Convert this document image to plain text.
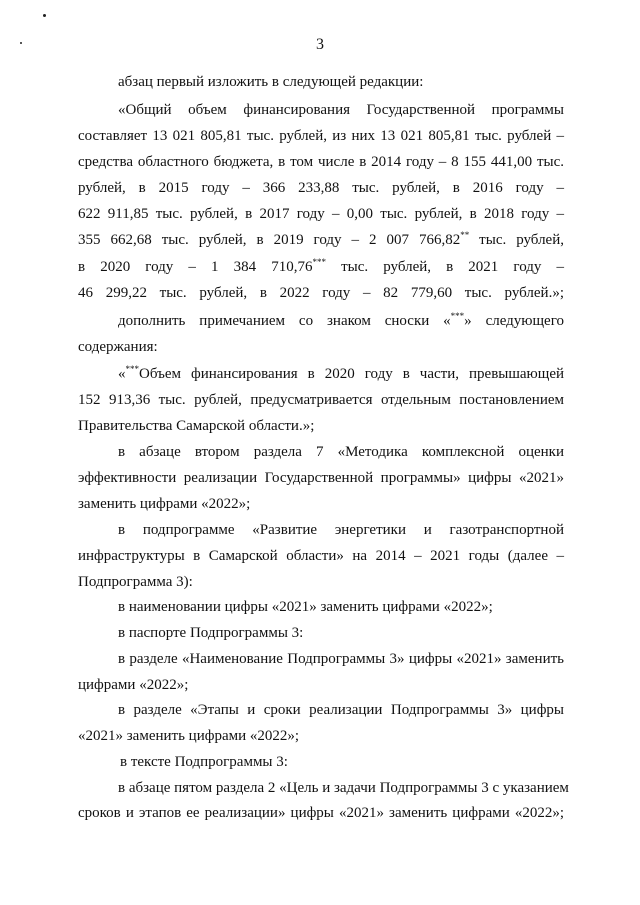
3
абзац первый изложить в следующей редакции:
«Общий объем финансирования Государственной программы
составляет 13 021 805,81 тыс. рублей, из них 13 021 805,81 тыс. рублей –
средства областного бюджета, в том числе в 2014 году – 8 155 441,00 тыс.
рублей, в 2015 году – 366 233,88 тыс. рублей, в 2016 году –
622 911,85 тыс. рублей, в 2017 году – 0,00 тыс. рублей, в 2018 году –
355 662,68 тыс. рублей, в 2019 году – 2 007 766,82** тыс. рублей,
в 2020 году – 1 384 710,76*** тыс. рублей, в 2021 году –
46 299,22 тыс. рублей, в 2022 году – 82 779,60 тыс. рублей.»;
дополнить примечанием со знаком сноски «***» следующего
содержания:
«***Объем финансирования в 2020 году в части, превышающей
152 913,36 тыс. рублей, предусматривается отдельным постановлением
Правительства Самарской области.»;
в абзаце втором раздела 7 «Методика комплексной оценки
эффективности реализации Государственной программы» цифры «2021»
заменить цифрами «2022»;
в подпрограмме «Развитие энергетики и газотранспортной
инфраструктуры в Самарской области» на 2014 – 2021 годы (далее –
Подпрограмма 3):
в наименовании цифры «2021» заменить цифрами «2022»;
в паспорте Подпрограммы 3:
в разделе «Наименование Подпрограммы 3» цифры «2021» заменить
цифрами «2022»;
в разделе «Этапы и сроки реализации Подпрограммы 3» цифры
«2021» заменить цифрами «2022»;
в тексте Подпрограммы 3:
в абзаце пятом раздела 2 «Цель и задачи Подпрограммы 3 с указанием
сроков и этапов ее реализации» цифры «2021» заменить цифрами «2022»;
